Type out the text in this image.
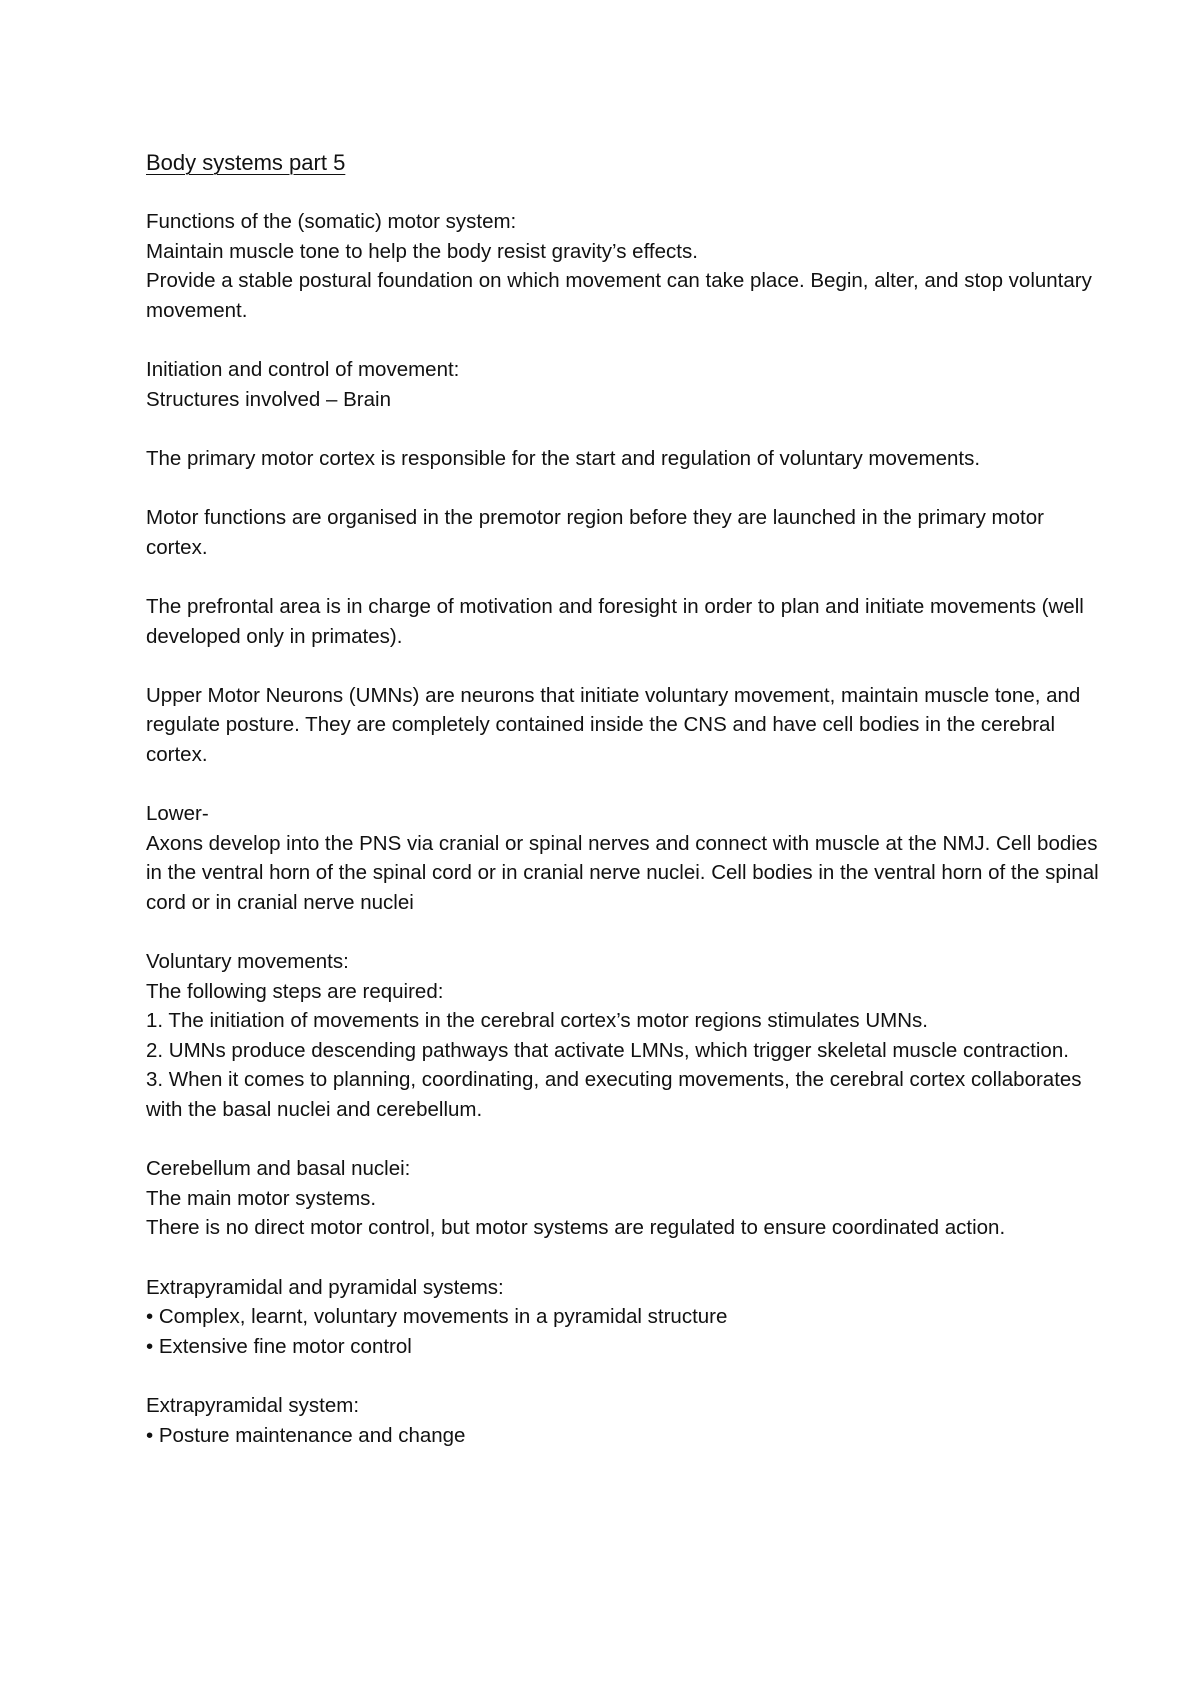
Body systems part 5
Functions of the (somatic) motor system:
Maintain muscle tone to help the body resist gravity’s effects.
Provide a stable postural foundation on which movement can take place. Begin, alter, and stop voluntary movement.
Initiation and control of movement:
Structures involved – Brain
The primary motor cortex is responsible for the start and regulation of voluntary movements.
Motor functions are organised in the premotor region before they are launched in the primary motor cortex.
The prefrontal area is in charge of motivation and foresight in order to plan and initiate movements (well developed only in primates).
Upper Motor Neurons (UMNs) are neurons that initiate voluntary movement, maintain muscle tone, and regulate posture. They are completely contained inside the CNS and have cell bodies in the cerebral cortex.
Lower-
Axons develop into the PNS via cranial or spinal nerves and connect with muscle at the NMJ. Cell bodies in the ventral horn of the spinal cord or in cranial nerve nuclei. Cell bodies in the ventral horn of the spinal cord or in cranial nerve nuclei
Voluntary movements:
The following steps are required:
1. The initiation of movements in the cerebral cortex’s motor regions stimulates UMNs.
2. UMNs produce descending pathways that activate LMNs, which trigger skeletal muscle contraction.
3. When it comes to planning, coordinating, and executing movements, the cerebral cortex collaborates with the basal nuclei and cerebellum.
Cerebellum and basal nuclei:
The main motor systems.
There is no direct motor control, but motor systems are regulated to ensure coordinated action.
Extrapyramidal and pyramidal systems:
• Complex, learnt, voluntary movements in a pyramidal structure
• Extensive fine motor control
Extrapyramidal system:
• Posture maintenance and change
